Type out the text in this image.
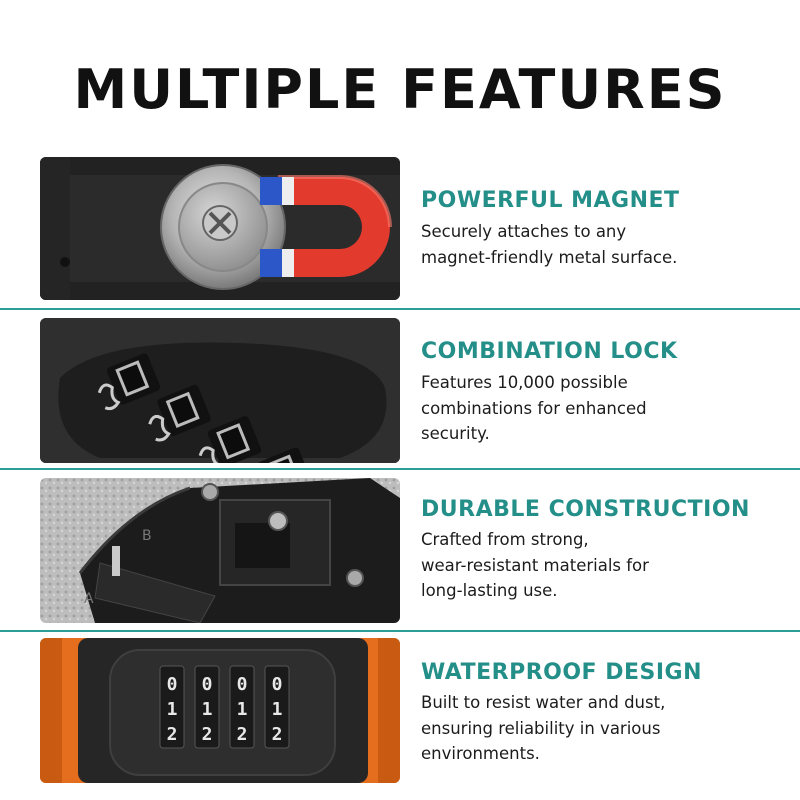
MULTIPLE FEATURES
POWERFUL MAGNET
Securely attaches to any
magnet-friendly metal surface.
COMBINATION LOCK
Features 10,000 possible
combinations for enhanced
security.
B
A
DURABLE CONSTRUCTION
Crafted from strong,
wear-resistant materials for
long-lasting use.
0
1
2
0
1
2
0
1
2
0
1
2
WATERPROOF DESIGN
Built to resist water and dust,
ensuring reliability in various
environments.
